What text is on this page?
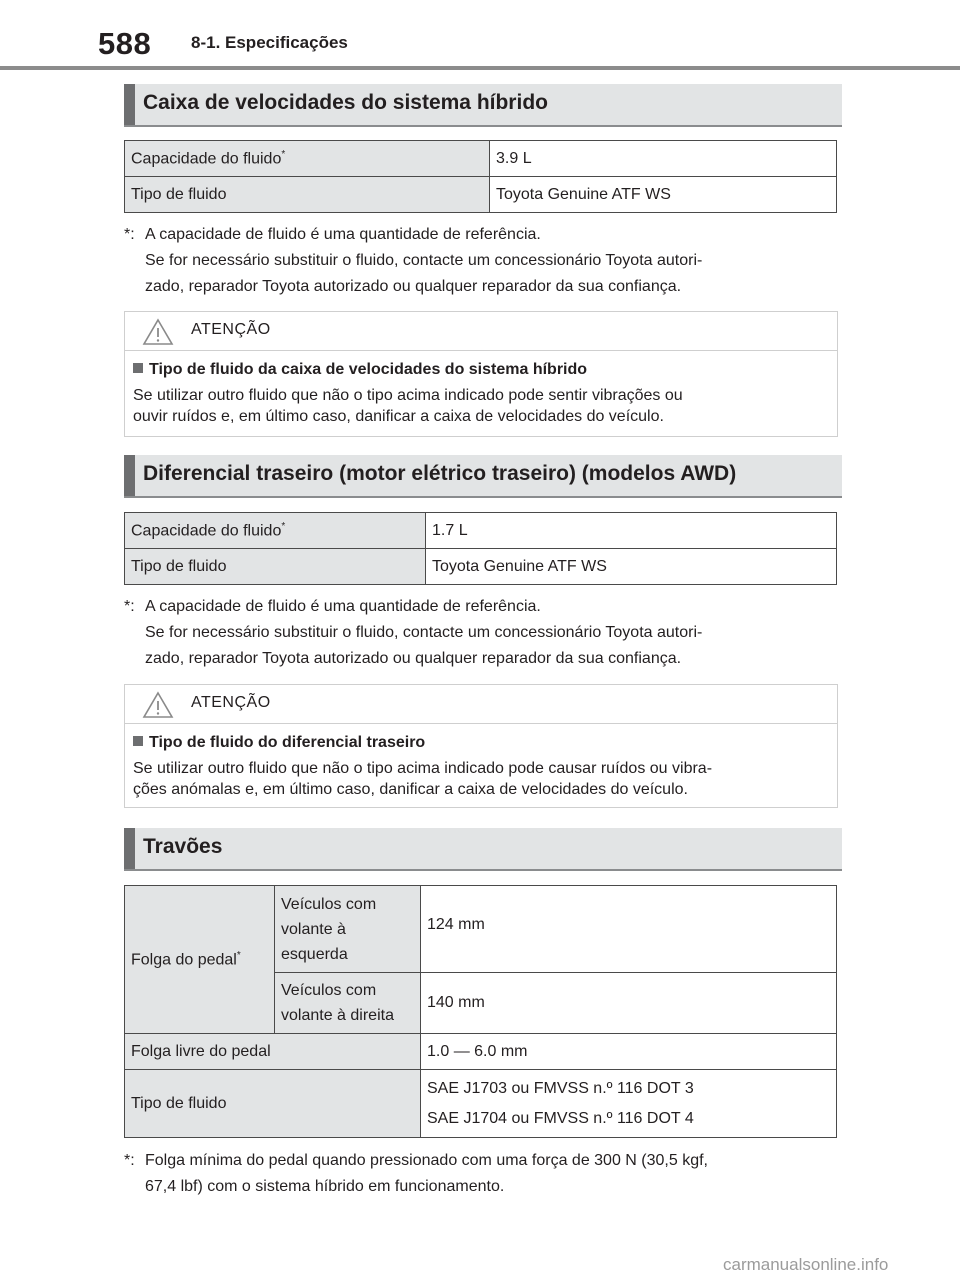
588 8-1. Especificações
Caixa de velocidades do sistema híbrido
Capacidade do fluido*	3.9 L
Tipo de fluido	Toyota Genuine ATF WS
*: A capacidade de fluido é uma quantidade de referência.
Se for necessário substituir o fluido, contacte um concessionário Toyota autori-
zado, reparador Toyota autorizado ou qualquer reparador da sua confiança.
ATENÇÃO
Tipo de fluido da caixa de velocidades do sistema híbrido
Se utilizar outro fluido que não o tipo acima indicado pode sentir vibrações ou
ouvir ruídos e, em último caso, danificar a caixa de velocidades do veículo.
Diferencial traseiro (motor elétrico traseiro) (modelos AWD)
Capacidade do fluido*	1.7 L
Tipo de fluido	Toyota Genuine ATF WS
*: A capacidade de fluido é uma quantidade de referência.
Se for necessário substituir o fluido, contacte um concessionário Toyota autori-
zado, reparador Toyota autorizado ou qualquer reparador da sua confiança.
ATENÇÃO
Tipo de fluido do diferencial traseiro
Se utilizar outro fluido que não o tipo acima indicado pode causar ruídos ou vibra-
ções anómalas e, em último caso, danificar a caixa de velocidades do veículo.
Travões
Folga do pedal*	Veículos com
volante à
esquerda	124 mm

	Veículos com
volante à direita	140 mm
Folga livre do pedal		1.0 — 6.0 mm
Tipo de fluido		SAE J1703 ou FMVSS n.º 116 DOT 3
SAE J1704 ou FMVSS n.º 116 DOT 4
*: Folga mínima do pedal quando pressionado com uma força de 300 N (30,5 kgf,
67,4 lbf) com o sistema híbrido em funcionamento.
carmanualsonline.info
